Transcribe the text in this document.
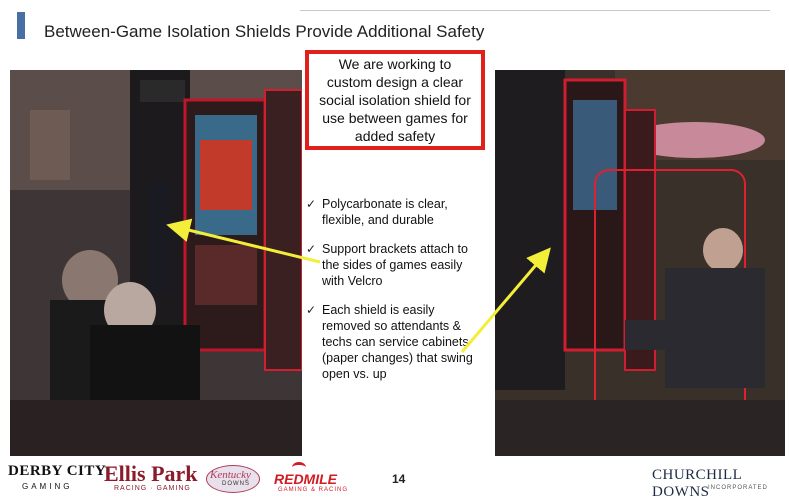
Between-Game Isolation Shields Provide Additional Safety
We are working to custom design a clear social isolation shield for use between games for added safety
✓ Polycarbonate is clear, flexible, and durable
✓ Support brackets attach to the sides of games easily with Velcro
✓ Each shield is easily removed so attendants & techs can service cabinets (paper changes) that swing open vs. up
DERBY CITY
GAMING
Ellis Park
RACING · GAMING
Kentucky
DOWNS REDMILE
GAMING & RACING
14	CHURCHILL DOWNS
INCORPORATED
